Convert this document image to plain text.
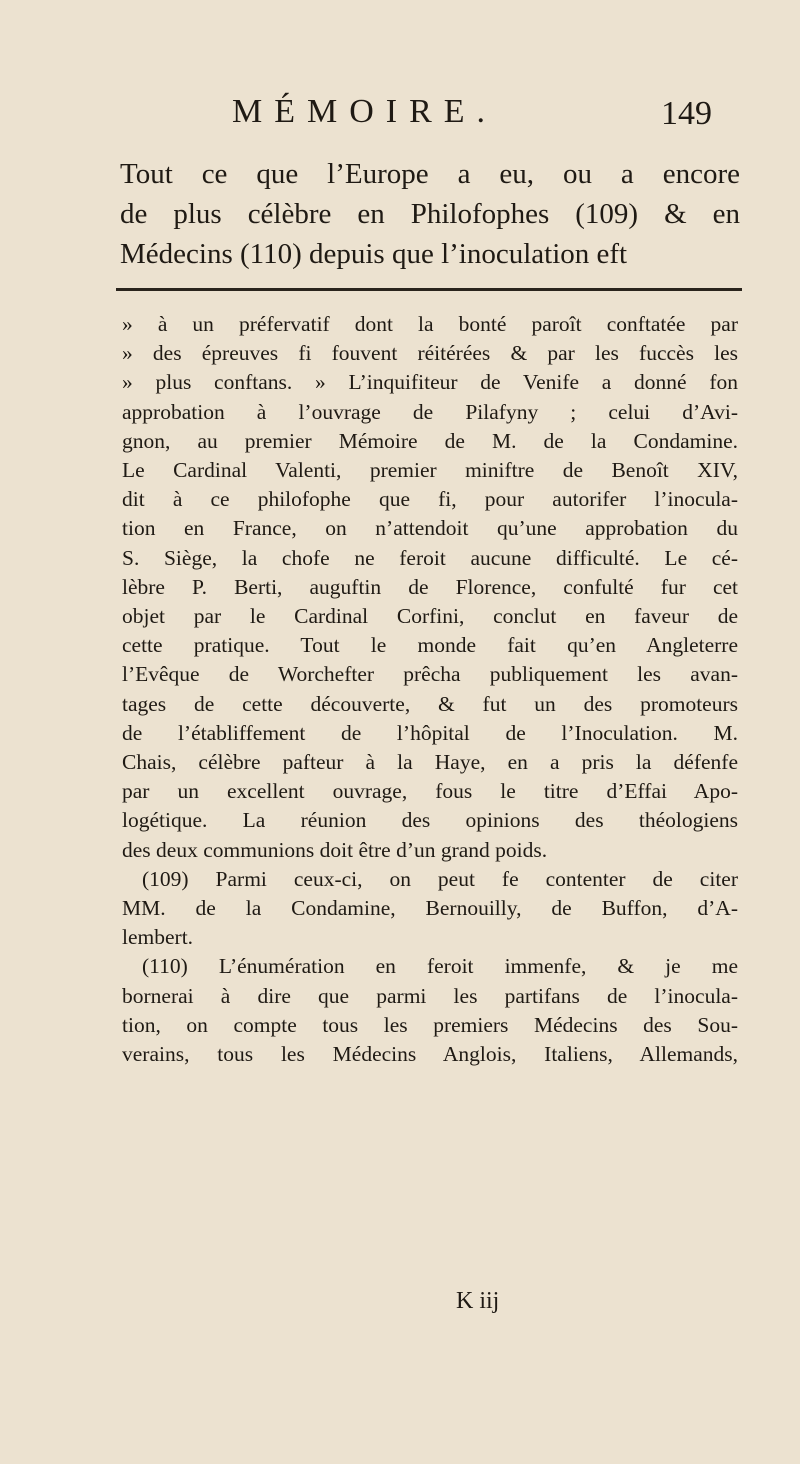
MÉMOIRE.	149
Tout ce que l’Europe a eu, ou a encore
de plus célèbre en Philofophes (109) & en
Médecins (110) depuis que l’inoculation eft
» à un préfervatif dont la bonté paroît conftatée par
» des épreuves fi fouvent réitérées & par les fuccès les
» plus conftans. » L’inquifiteur de Venife a donné fon
approbation à l’ouvrage de Pilafyny ; celui d’Avi-
gnon, au premier Mémoire de M. de la Condamine.
Le Cardinal Valenti, premier miniftre de Benoît XIV,
dit à ce philofophe que fi, pour autorifer l’inocula-
tion en France, on n’attendoit qu’une approbation du
S. Siège, la chofe ne feroit aucune difficulté. Le cé-
lèbre P. Berti, auguftin de Florence, confulté fur cet
objet par le Cardinal Corfini, conclut en faveur de
cette pratique. Tout le monde fait qu’en Angleterre
l’Evêque de Worchefter prêcha publiquement les avan-
tages de cette découverte, & fut un des promoteurs
de l’établiffement de l’hôpital de l’Inoculation. M.
Chais, célèbre pafteur à la Haye, en a pris la défenfe
par un excellent ouvrage, fous le titre d’Effai Apo-
logétique. La réunion des opinions des théologiens
des deux communions doit être d’un grand poids.
(109) Parmi ceux-ci, on peut fe contenter de citer
MM. de la Condamine, Bernouilly, de Buffon, d’A-
lembert.
(110) L’énumération en feroit immenfe, & je me
bornerai à dire que parmi les partifans de l’inocula-
tion, on compte tous les premiers Médecins des Sou-
verains, tous les Médecins Anglois, Italiens, Allemands,
K iij
